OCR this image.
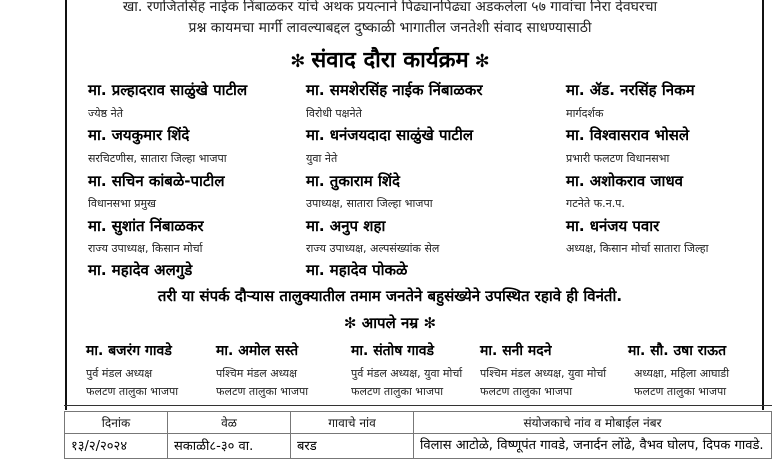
खा. रणजितसिंह नाईक निंबाळकर यांचे अथक प्रयत्नाने पिढ्यानपिढ्या अडकलेला ५७ गावांचा निरा देवघरचा
प्रश्न कायमचा मार्गी लावल्याबद्दल दुष्काळी भागातील जनतेशी संवाद साधण्यासाठी
✻ संवाद दौरा कार्यक्रम ✻
मा. प्रल्हादराव साळुंखे पाटील
ज्येष्ठ नेते
मा. समशेरसिंह नाईक निंबाळकर
विरोधी पक्षनेते
मा. ॲड. नरसिंह निकम
मार्गदर्शक
मा. जयकुमार शिंदे
सरचिटणीस, सातारा जिल्हा भाजपा
मा. धनंजयदादा साळुंखे पाटील
युवा नेते
मा. विश्वासराव भोसले
प्रभारी फलटण विधानसभा
मा. सचिन कांबळे-पाटील
विधानसभा प्रमुख
मा. तुकाराम शिंदे
उपाध्यक्ष, सातारा जिल्हा भाजपा
मा. अशोकराव जाधव
गटनेते फ.न.प.
मा. सुशांत निंबाळकर
राज्य उपाध्यक्ष, किसान मोर्चा
मा. अनुप शहा
राज्य उपाध्यक्ष, अल्पसंख्यांक सेल
मा. धनंजय पवार
अध्यक्ष, किसान मोर्चा सातारा जिल्हा
मा. महादेव अलगुडे	मा. महादेव पोकळे
तरी या संपर्क दौऱ्यास तालुक्यातील तमाम जनतेने बहुसंख्येने उपस्थित रहावे ही विनंती.
✻ आपले नम्र ✻
मा. बजरंग गावडे
पुर्व मंडल अध्यक्ष
फलटण तालुका भाजपा
मा. अमोल सस्ते
पश्चिम मंडल अध्यक्ष
फलटण तालुका भाजपा
मा. संतोष गावडे
पुर्व मंडल अध्यक्ष, युवा मोर्चा
फलटण तालुका भाजपा
मा. सनी मदने
पश्चिम मंडल अध्यक्ष, युवा मोर्चा
फलटण तालुका भाजपा
मा. सौ. उषा राऊत
अध्यक्षा, महिला आघाडी
फलटण तालुका भाजपा
दिनांक	वेळ	गावाचे नांव	संयोजकाचे नांव व मोबाईल नंबर
१३/२/२०२४	सकाळी८-३० वा.	बरड	विलास आटोळे, विष्णूपंत गावडे, जनार्दन लोंढे, वैभव घोलप, दिपक गावडे.
